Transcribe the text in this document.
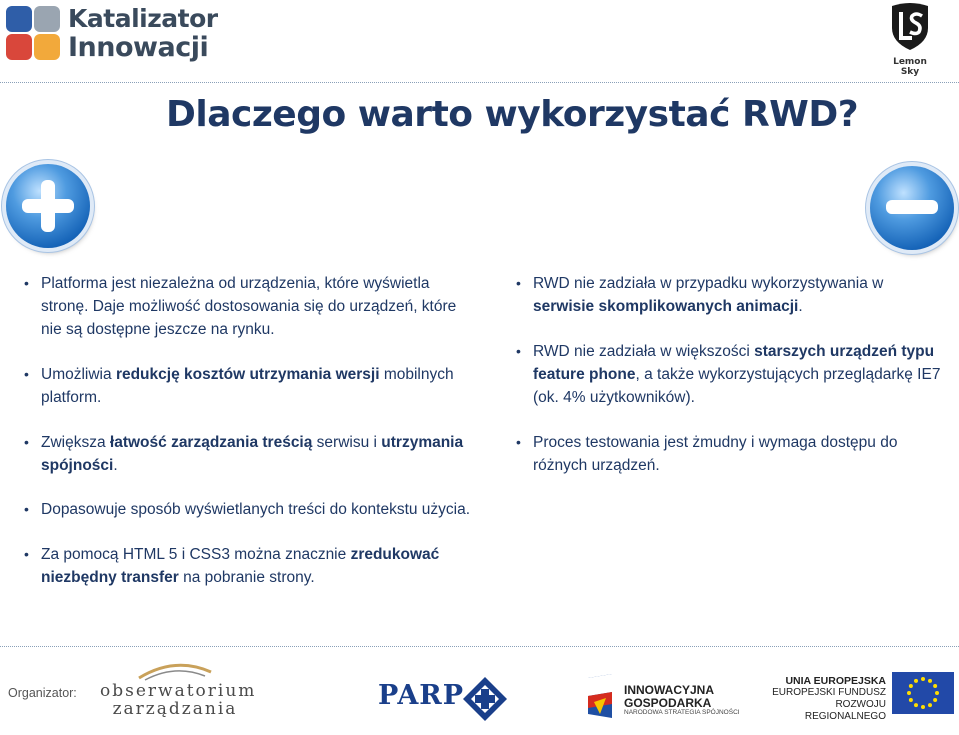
Katalizator
Innowacji	Lemon
Sky
Dlaczego warto wykorzystać RWD?
• Platforma jest niezależna od urządzenia, które wyświetla stronę. Daje możliwość dostosowania się do urządzeń, które nie są dostępne jeszcze na rynku.
• Umożliwia redukcję kosztów utrzymania wersji mobilnych platform.
• Zwiększa łatwość zarządzania treścią serwisu i utrzymania spójności.
• Dopasowuje sposób wyświetlanych treści do kontekstu użycia.
• Za pomocą HTML 5 i CSS3 można znacznie zredukować niezbędny transfer na pobranie strony.
• RWD nie zadziała w przypadku wykorzystywania w serwisie skomplikowanych animacji.
• RWD nie zadziała w większości starszych urządzeń typu feature phone, a także wykorzystujących przeglądarkę IE7 (ok. 4% użytkowników).
• Proces testowania jest żmudny i wymaga dostępu do różnych urządzeń.
Organizator: obserwatorium
zarządzania	PARP	INNOWACYJNA
GOSPODARKA
NARODOWA STRATEGIA SPÓJNOŚCI
UNIA EUROPEJSKA
EUROPEJSKI FUNDUSZ
ROZWOJU REGIONALNEGO
